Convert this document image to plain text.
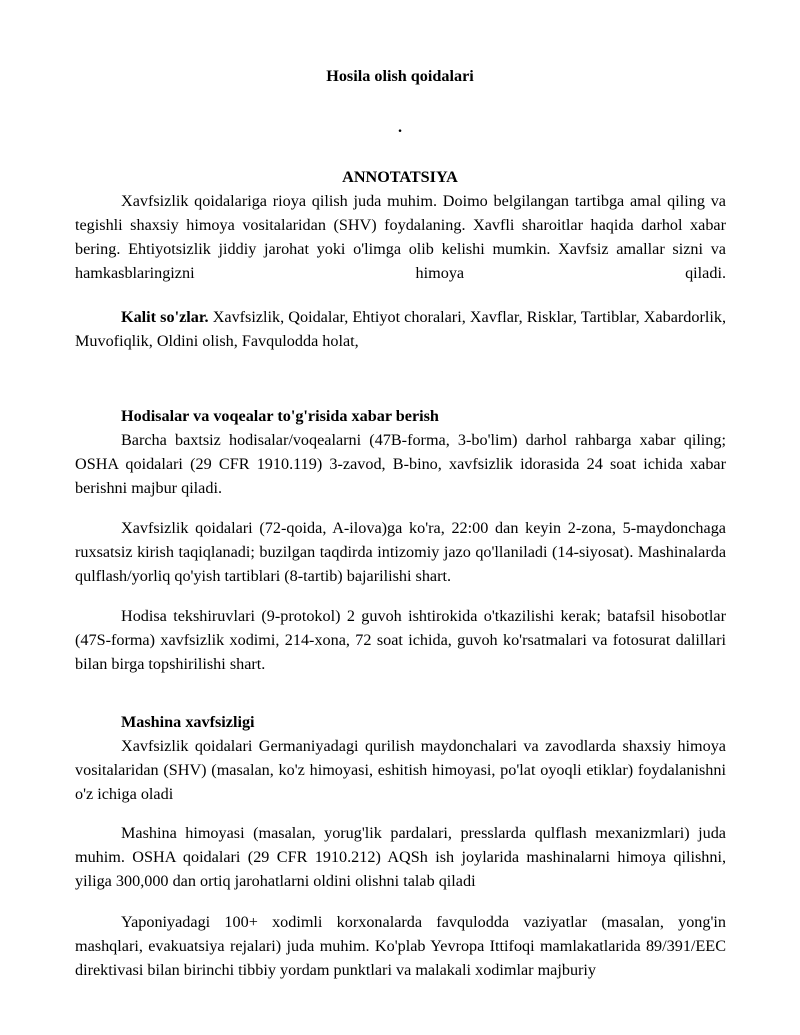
Hosila olish qoidalari
.
ANNOTATSIYA

Xavfsizlik qoidalariga rioya qilish juda muhim. Doimo belgilangan tartibga amal qiling va tegishli shaxsiy himoya vositalaridan (SHV) foydalaning. Xavfli sharoitlar haqida darhol xabar bering. Ehtiyotsizlik jiddiy jarohat yoki o'limga olib kelishi mumkin. Xavfsiz amallar sizni va hamkasblaringizni himoya qiladi.

Kalit so'zlar. Xavfsizlik, Qoidalar, Ehtiyot choralari, Xavflar, Risklar, Tartiblar, Xabardorlik, Muvofiqlik, Oldini olish, Favqulodda holat,

Hodisalar va voqealar to'g'risida xabar berish

Barcha baxtsiz hodisalar/voqealarni (47B-forma, 3-bo'lim) darhol rahbarga xabar qiling; OSHA qoidalari (29 CFR 1910.119) 3-zavod, B-bino, xavfsizlik idorasida 24 soat ichida xabar berishni majbur qiladi.

Xavfsizlik qoidalari (72-qoida, A-ilova)ga ko'ra, 22:00 dan keyin 2-zona, 5-maydonchaga ruxsatsiz kirish taqiqlanadi; buzilgan taqdirda intizomiy jazo qo'llaniladi (14-siyosat). Mashinalarda qulflash/yorliq qo'yish tartiblari (8-tartib) bajarilishi shart.

Hodisa tekshiruvlari (9-protokol) 2 guvoh ishtirokida o'tkazilishi kerak; batafsil hisobotlar (47S-forma) xavfsizlik xodimi, 214-xona, 72 soat ichida, guvoh ko'rsatmalari va fotosurat dalillari bilan birga topshirilishi shart.

Mashina xavfsizligi

Xavfsizlik qoidalari Germaniyadagi qurilish maydonchalari va zavodlarda shaxsiy himoya vositalaridan (SHV) (masalan, ko'z himoyasi, eshitish himoyasi, po'lat oyoqli etiklar) foydalanishni o'z ichiga oladi

Mashina himoyasi (masalan, yorug'lik pardalari, presslarda qulflash mexanizmlari) juda muhim. OSHA qoidalari (29 CFR 1910.212) AQSh ish joylarida mashinalarni himoya qilishni, yiliga 300,000 dan ortiq jarohatlarni oldini olishni talab qiladi

Yaponiyadagi 100+ xodimli korxonalarda favqulodda vaziyatlar (masalan, yong'in mashqlari, evakuatsiya rejalari) juda muhim. Ko'plab Yevropa Ittifoqi mamlakatlarida 89/391/EEC direktivasi bilan birinchi tibbiy yordam punktlari va malakali xodimlar majburiy
